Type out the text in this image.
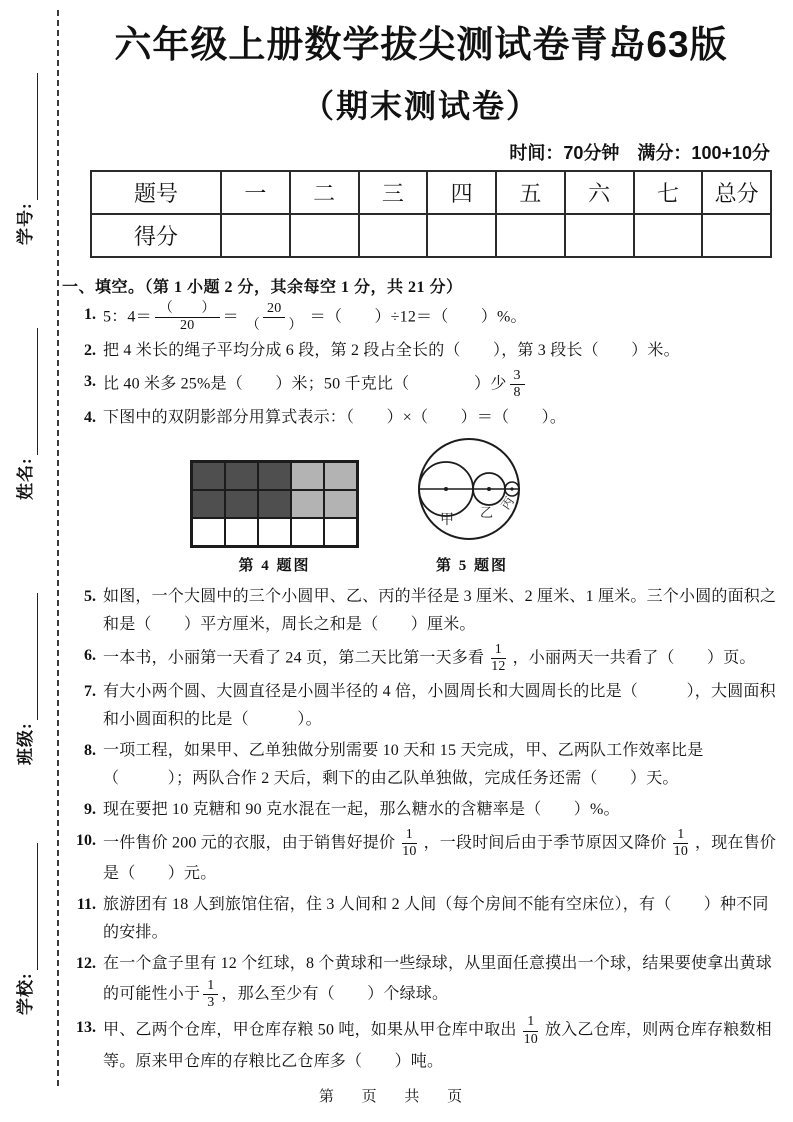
学号:
姓名:
班级:
学校:
六年级上册数学拔尖测试卷青岛63版
（期末测试卷）
时间：70分钟　满分：100+10分
题号	一	二	三	四	五	六	七	总分
得分								
一、填空。（第 1 小题 2 分，其余每空 1 分，共 21 分）
1. 5：$4= \frac{( )}{20} = \frac{20}{( )}$ ＝（　　）÷12＝（　　）%。
2. 把 4 米长的绳子平均分成 6 段，第 2 段占全长的（　　），第 3 段长（　　）米。
3. 比 40 米多 25%是（　　）米；50 千克比（　　　　）少 $\frac{3}{8}$
4. 下图中的双阴影部分用算式表示：（　　）×（　　）＝（　　）。
第 4 题图
甲
乙
丙
第 5 题图
5. 如图，一个大圆中的三个小圆甲、乙、丙的半径是 3 厘米、2 厘米、1 厘米。三个小圆的面积之和是（　　）平方厘米，周长之和是（　　）厘米。
6. 一本书，小丽第一天看了 24 页，第二天比第一天多看 $\frac{1}{12}$ ，小丽两天一共看了（　　）页。
7. 有大小两个圆、大圆直径是小圆半径的 4 倍，小圆周长和大圆周长的比是（　　　），大圆面积和小圆面积的比是（　　　）。
8. 一项工程，如果甲、乙单独做分别需要 10 天和 15 天完成，甲、乙两队工作效率比是（　　　）；两队合作 2 天后，剩下的由乙队单独做，完成任务还需（　　）天。
9. 现在要把 10 克糖和 90 克水混在一起，那么糖水的含糖率是（　　）%。
10. 一件售价 200 元的衣服，由于销售好提价 $\frac{1}{10}$ ，一段时间后由于季节原因又降价 $\frac{1}{10}$ ，现在售价是（　　）元。
11. 旅游团有 18 人到旅馆住宿，住 3 人间和 2 人间（每个房间不能有空床位），有（　　）种不同的安排。
12. 在一个盒子里有 12 个红球，8 个黄球和一些绿球，从里面任意摸出一个球，结果要使拿出黄球的可能性小于 $\frac{1}{3}$ ，那么至少有（　　）个绿球。
13. 甲、乙两个仓库，甲仓库存粮 50 吨，如果从甲仓库中取出 $\frac{1}{10}$ 放入乙仓库，则两仓库存粮数相等。原来甲仓库的存粮比乙仓库多（　　）吨。
第 页 共 页
